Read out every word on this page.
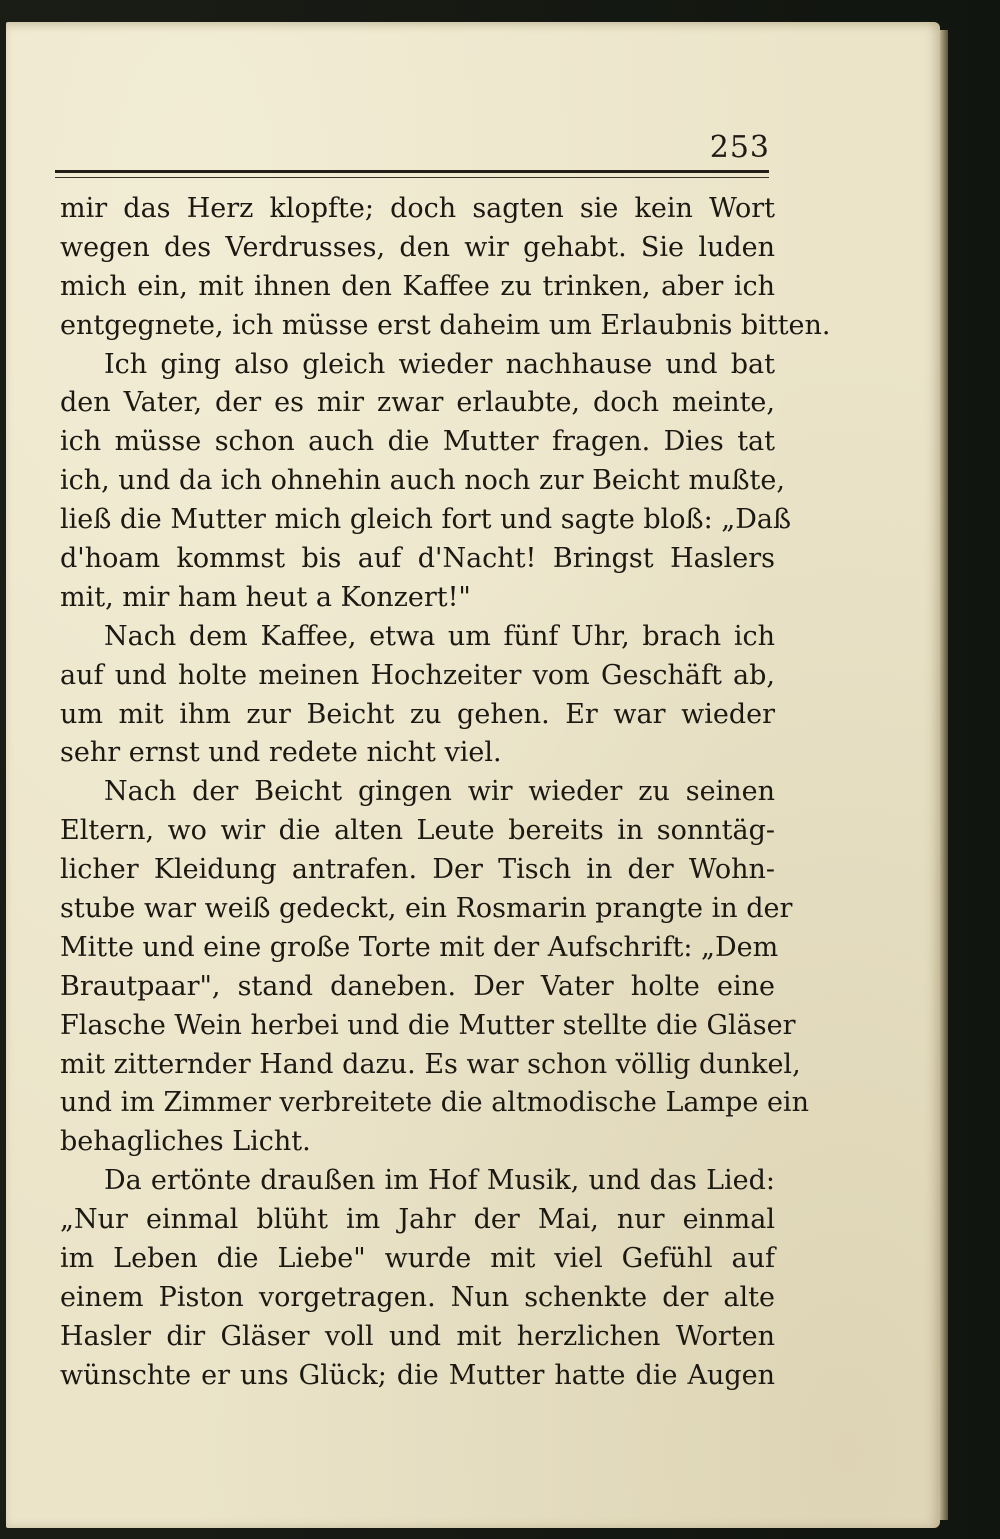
253
mir das Herz klopfte; doch sagten sie kein Wort
wegen des Verdrusses, den wir gehabt. Sie luden
mich ein, mit ihnen den Kaffee zu trinken, aber ich
entgegnete, ich müsse erst daheim um Erlaubnis bitten.
Ich ging also gleich wieder nachhause und bat
den Vater, der es mir zwar erlaubte, doch meinte,
ich müsse schon auch die Mutter fragen. Dies tat
ich, und da ich ohnehin auch noch zur Beicht mußte,
ließ die Mutter mich gleich fort und sagte bloß: „Daß
d'hoam kommst bis auf d'Nacht! Bringst Haslers
mit, mir ham heut a Konzert!"
Nach dem Kaffee, etwa um fünf Uhr, brach ich
auf und holte meinen Hochzeiter vom Geschäft ab,
um mit ihm zur Beicht zu gehen. Er war wieder
sehr ernst und redete nicht viel.
Nach der Beicht gingen wir wieder zu seinen
Eltern, wo wir die alten Leute bereits in sonntäg-
licher Kleidung antrafen. Der Tisch in der Wohn-
stube war weiß gedeckt, ein Rosmarin prangte in der
Mitte und eine große Torte mit der Aufschrift: „Dem
Brautpaar", stand daneben. Der Vater holte eine
Flasche Wein herbei und die Mutter stellte die Gläser
mit zitternder Hand dazu. Es war schon völlig dunkel,
und im Zimmer verbreitete die altmodische Lampe ein
behagliches Licht.
Da ertönte draußen im Hof Musik, und das Lied:
„Nur einmal blüht im Jahr der Mai, nur einmal
im Leben die Liebe" wurde mit viel Gefühl auf
einem Piston vorgetragen. Nun schenkte der alte
Hasler dir Gläser voll und mit herzlichen Worten
wünschte er uns Glück; die Mutter hatte die Augen
